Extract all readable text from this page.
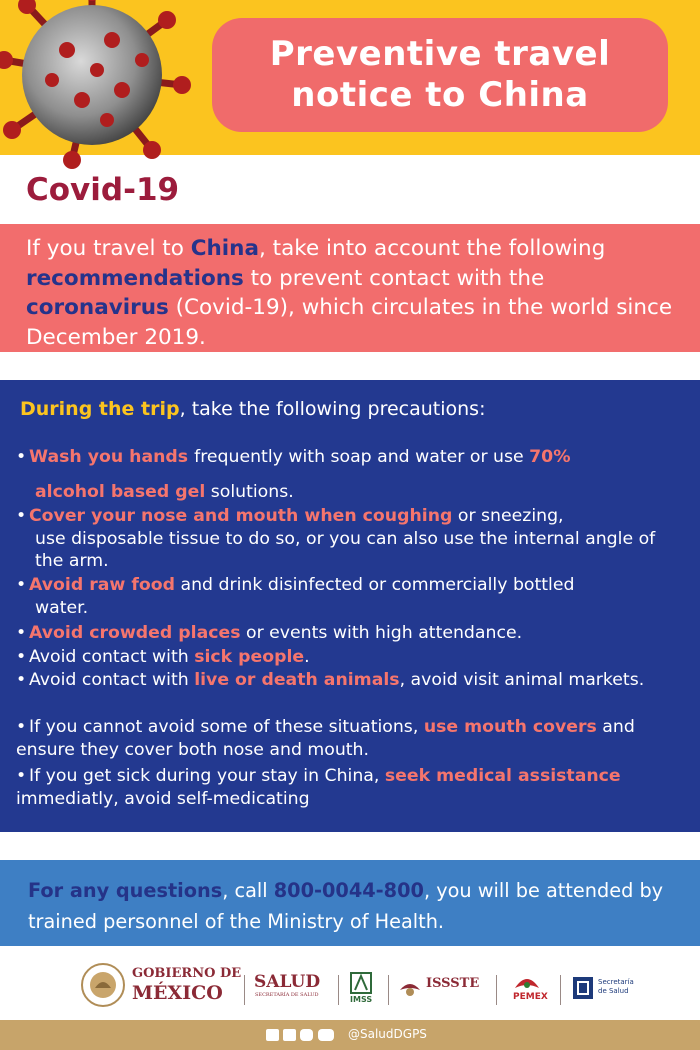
Preventive travel
notice to China
Covid-19
If you travel to China, take into account the following recommendations to prevent contact with the coronavirus (Covid-19), which circulates in the world since December 2019.
During the trip, take the following precautions:
• Wash you hands frequently with soap and water or use 70%
alcohol based gel solutions.
• Cover your nose and mouth when coughing or sneezing,
use disposable tissue to do so, or you can also use the internal angle of the arm.
• Avoid raw food and drink disinfected or commercially bottled
water.
• Avoid crowded places or events with high attendance.
• Avoid contact with sick people.
• Avoid contact with live or death animals, avoid visit animal markets.
• If you cannot avoid some of these situations, use mouth covers and ensure they cover both nose and mouth.
• If you get sick during your stay in China, seek medical assistance immediatly, avoid self-medicating
For any questions, call 800-0044-800, you will be attended by trained personnel of the Ministry of Health.
GOBIERNO DE
MÉXICO SALUD
SECRETARÍA DE SALUD	IMSS
ISSSTE
PEMEX
Secretaría de Salud
@SaludDGPS
